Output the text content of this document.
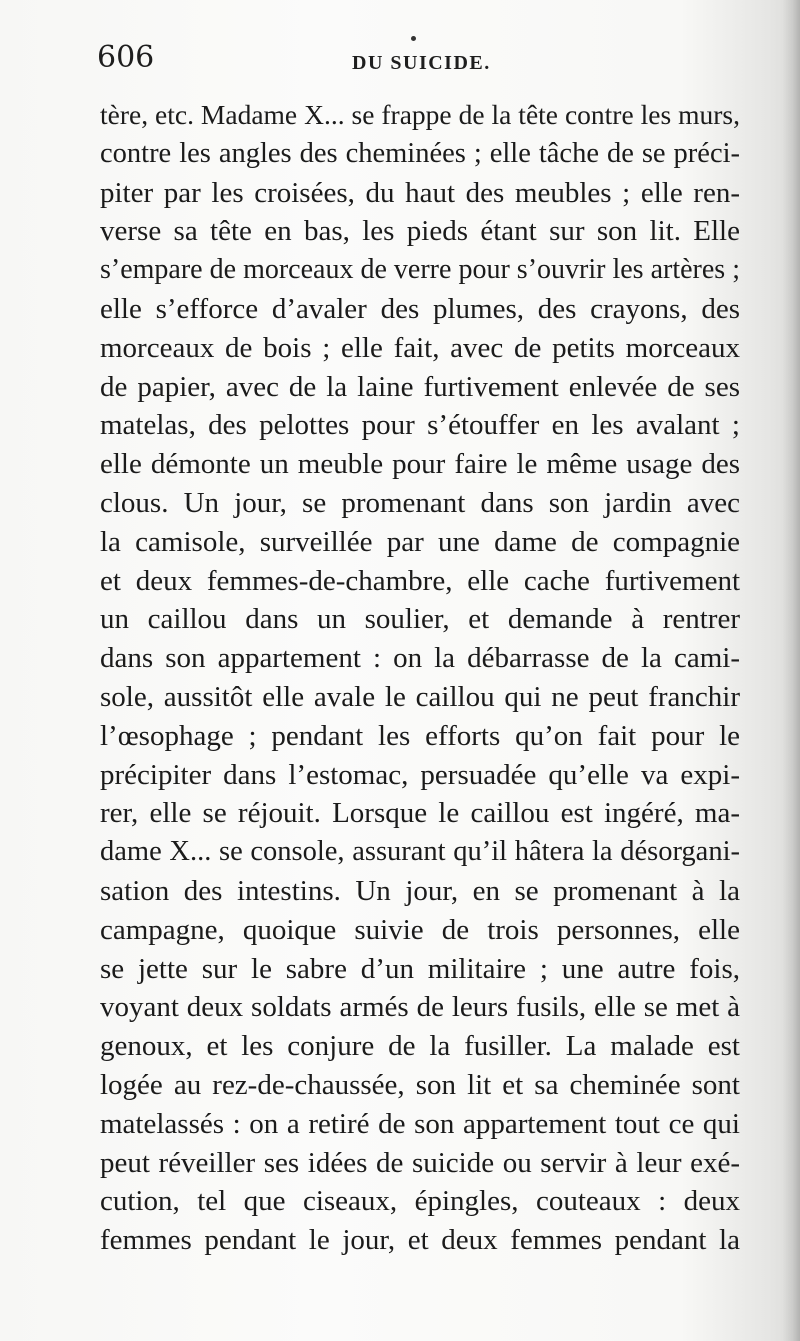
606	DU SUICIDE.
tère, etc. Madame X... se frappe de la tête contre les murs,
contre les angles des cheminées ; elle tâche de se préci-
piter par les croisées, du haut des meubles ; elle ren-
verse sa tête en bas, les pieds étant sur son lit. Elle
s’empare de morceaux de verre pour s’ouvrir les artères ;
elle s’efforce d’avaler des plumes, des crayons, des
morceaux de bois ; elle fait, avec de petits morceaux
de papier, avec de la laine furtivement enlevée de ses
matelas, des pelottes pour s’étouffer en les avalant ;
elle démonte un meuble pour faire le même usage des
clous. Un jour, se promenant dans son jardin avec
la camisole, surveillée par une dame de compagnie
et deux femmes-de-chambre, elle cache furtivement
un caillou dans un soulier, et demande à rentrer
dans son appartement : on la débarrasse de la cami-
sole, aussitôt elle avale le caillou qui ne peut franchir
l’œsophage ; pendant les efforts qu’on fait pour le
précipiter dans l’estomac, persuadée qu’elle va expi-
rer, elle se réjouit. Lorsque le caillou est ingéré, ma-
dame X... se console, assurant qu’il hâtera la désorgani-
sation des intestins. Un jour, en se promenant à la
campagne, quoique suivie de trois personnes, elle
se jette sur le sabre d’un militaire ; une autre fois,
voyant deux soldats armés de leurs fusils, elle se met à
genoux, et les conjure de la fusiller. La malade est
logée au rez-de-chaussée, son lit et sa cheminée sont
matelassés : on a retiré de son appartement tout ce qui
peut réveiller ses idées de suicide ou servir à leur exé-
cution, tel que ciseaux, épingles, couteaux : deux
femmes pendant le jour, et deux femmes pendant la
